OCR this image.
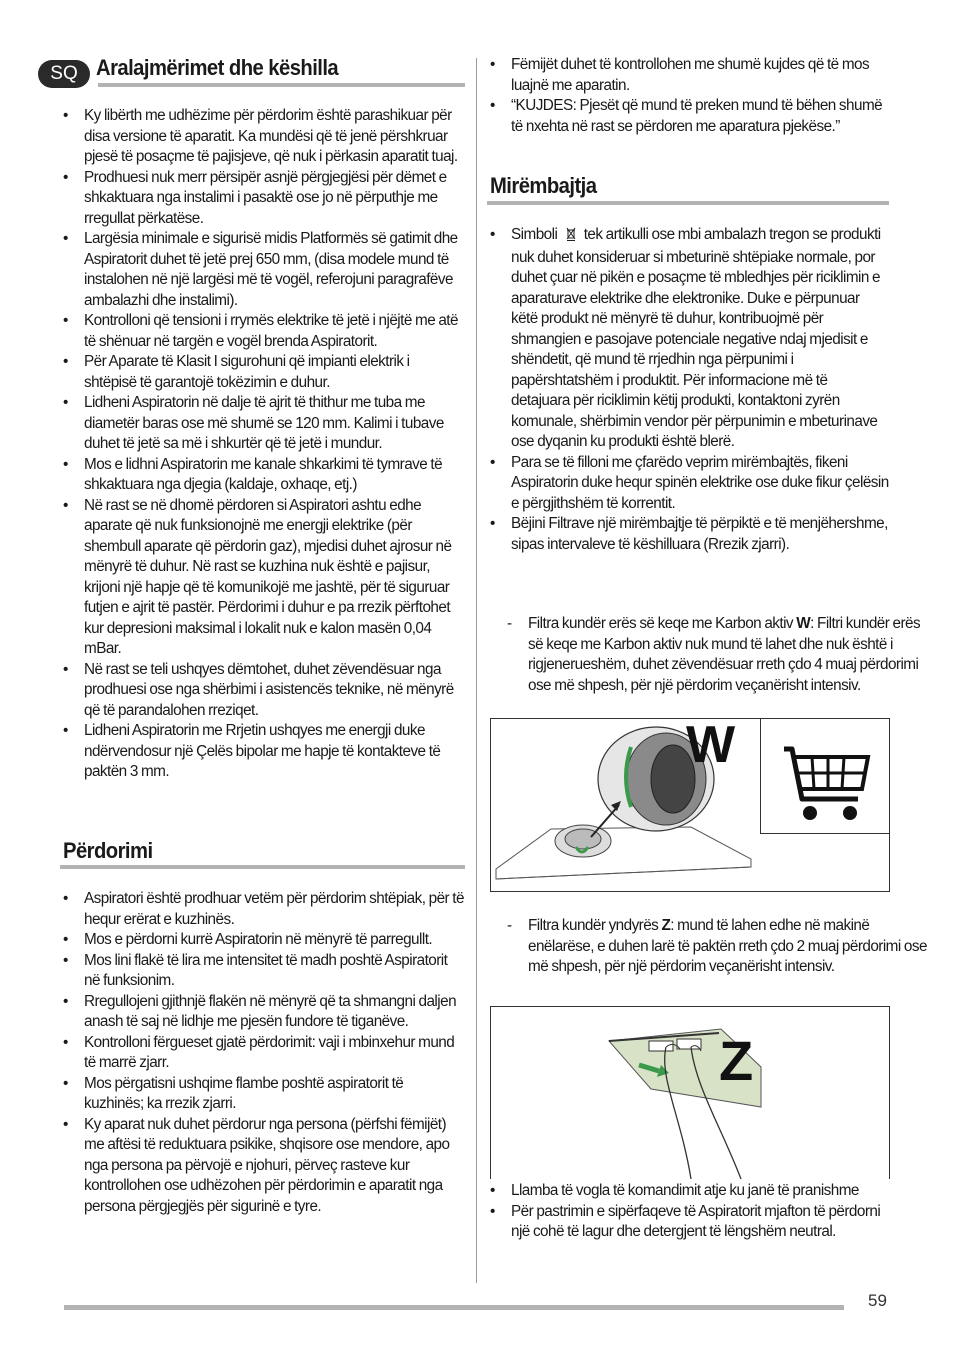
SQ Aralajmërimet dhe këshilla
• Ky libërth me udhëzime për përdorim është parashikuar për disa versione të aparatit. Ka mundësi që të jenë përshkruar pjesë të posaçme të pajisjeve, që nuk i përkasin aparatit tuaj.
• Prodhuesi nuk merr përsipër asnjë përgjegjësi për dëmet e shkaktuara nga instalimi i pasaktë ose jo në përputhje me rregullat përkatëse.
• Largësia minimale e sigurisë midis Platformës së gatimit dhe Aspiratorit duhet të jetë prej 650 mm, (disa modele mund të instalohen në një largësi më të vogël, referojuni paragrafëve ambalazhi dhe instalimi).
• Kontrolloni që tensioni i rrymës elektrike të jetë i njëjtë me atë të shënuar në targën e vogël brenda Aspiratorit.
• Për Aparate të Klasit I sigurohuni që impianti elektrik i shtëpisë të garantojë tokëzimin e duhur.
• Lidheni Aspiratorin në dalje të ajrit të thithur me tuba me diametër baras ose më shumë se 120 mm. Kalimi i tubave duhet të jetë sa më i shkurtër që të jetë i mundur.
• Mos e lidhni Aspiratorin me kanale shkarkimi të tymrave të shkaktuara nga djegia (kaldaje, oxhaqe, etj.)
• Në rast se në dhomë përdoren si Aspiratori ashtu edhe aparate që nuk funksionojnë me energji elektrike (për shembull aparate që përdorin gaz), mjedisi duhet ajrosur në mënyrë të duhur. Në rast se kuzhina nuk është e pajisur, krijoni një hapje që të komunikojë me jashtë, për të siguruar futjen e ajrit të pastër. Përdorimi i duhur e pa rrezik përftohet kur depresioni maksimal i lokalit nuk e kalon masën 0,04 mBar.
• Në rast se teli ushqyes dëmtohet, duhet zëvendësuar nga prodhuesi ose nga shërbimi i asistencës teknike, në mënyrë që të parandalohen rreziqet.
• Lidheni Aspiratorin me Rrjetin ushqyes me energji duke ndërvendosur një Çelës bipolar me hapje të kontakteve të paktën 3 mm.
Përdorimi
• Aspiratori është prodhuar vetëm për përdorim shtëpiak, për të hequr erërat e kuzhinës.
• Mos e përdorni kurrë Aspiratorin në mënyrë të parregullt.
• Mos lini flakë të lira me intensitet të madh poshtë Aspiratorit në funksionim.
• Rregullojeni gjithnjë flakën në mënyrë që ta shmangni daljen anash të saj në lidhje me pjesën fundore të tiganëve.
• Kontrolloni fërgueset gjatë përdorimit: vaji i mbinxehur mund të marrë zjarr.
• Mos përgatisni ushqime flambe poshtë aspiratorit të kuzhinës; ka rrezik zjarri.
• Ky aparat nuk duhet përdorur nga persona (përfshi fëmijët) me aftësi të reduktuara psikike, shqisore ose mendore, apo nga persona pa përvojë e njohuri, përveç rasteve kur kontrollohen ose udhëzohen për përdorimin e aparatit nga persona përgjegjës për sigurinë e tyre.
• Fëmijët duhet të kontrollohen me shumë kujdes që të mos luajnë me aparatin.
• “KUJDES: Pjesët që mund të preken mund të bëhen shumë të nxehta në rast se përdoren me aparatura pjekëse.”
Mirëmbajtja
• Simboli tek artikulli ose mbi ambalazh tregon se produkti nuk duhet konsideruar si mbeturinë shtëpiake normale, por duhet çuar në pikën e posaçme të mbledhjes për riciklimin e aparaturave elektrike dhe elektronike. Duke e përpunuar këtë produkt në mënyrë të duhur, kontribuojmë për shmangien e pasojave potenciale negative ndaj mjedisit e shëndetit, që mund të rrjedhin nga përpunimi i papërshtatshëm i produktit. Për informacione më të detajuara për riciklimin këtij produkti, kontaktoni zyrën komunale, shërbimin vendor për përpunimin e mbeturinave ose dyqanin ku produkti është blerë.
• Para se të filloni me çfarëdo veprim mirëmbajtës, fikeni Aspiratorin duke hequr spinën elektrike ose duke fikur çelësin e përgjithshëm të korrentit.
• Bëjini Filtrave një mirëmbajtje të përpiktë e të menjëhershme, sipas intervaleve të këshilluara (Rrezik zjarri).
- Filtra kundër erës së keqe me Karbon aktiv W: Filtri kundër erës së keqe me Karbon aktiv nuk mund të lahet dhe nuk është i rigjenerueshëm, duhet zëvendësuar rreth çdo 4 muaj përdorimi ose më shpesh, për një përdorim veçanërisht intensiv.
W
- Filtra kundër yndyrës Z: mund të lahen edhe në makinë enëlarëse, e duhen larë të paktën rreth çdo 2 muaj përdorimi ose më shpesh, për një përdorim veçanërisht intensiv.
Z
• Llamba të vogla të komandimit atje ku janë të pranishme
• Për pastrimin e sipërfaqeve të Aspiratorit mjafton të përdorni një cohë të lagur dhe detergjent të lëngshëm neutral.
59
